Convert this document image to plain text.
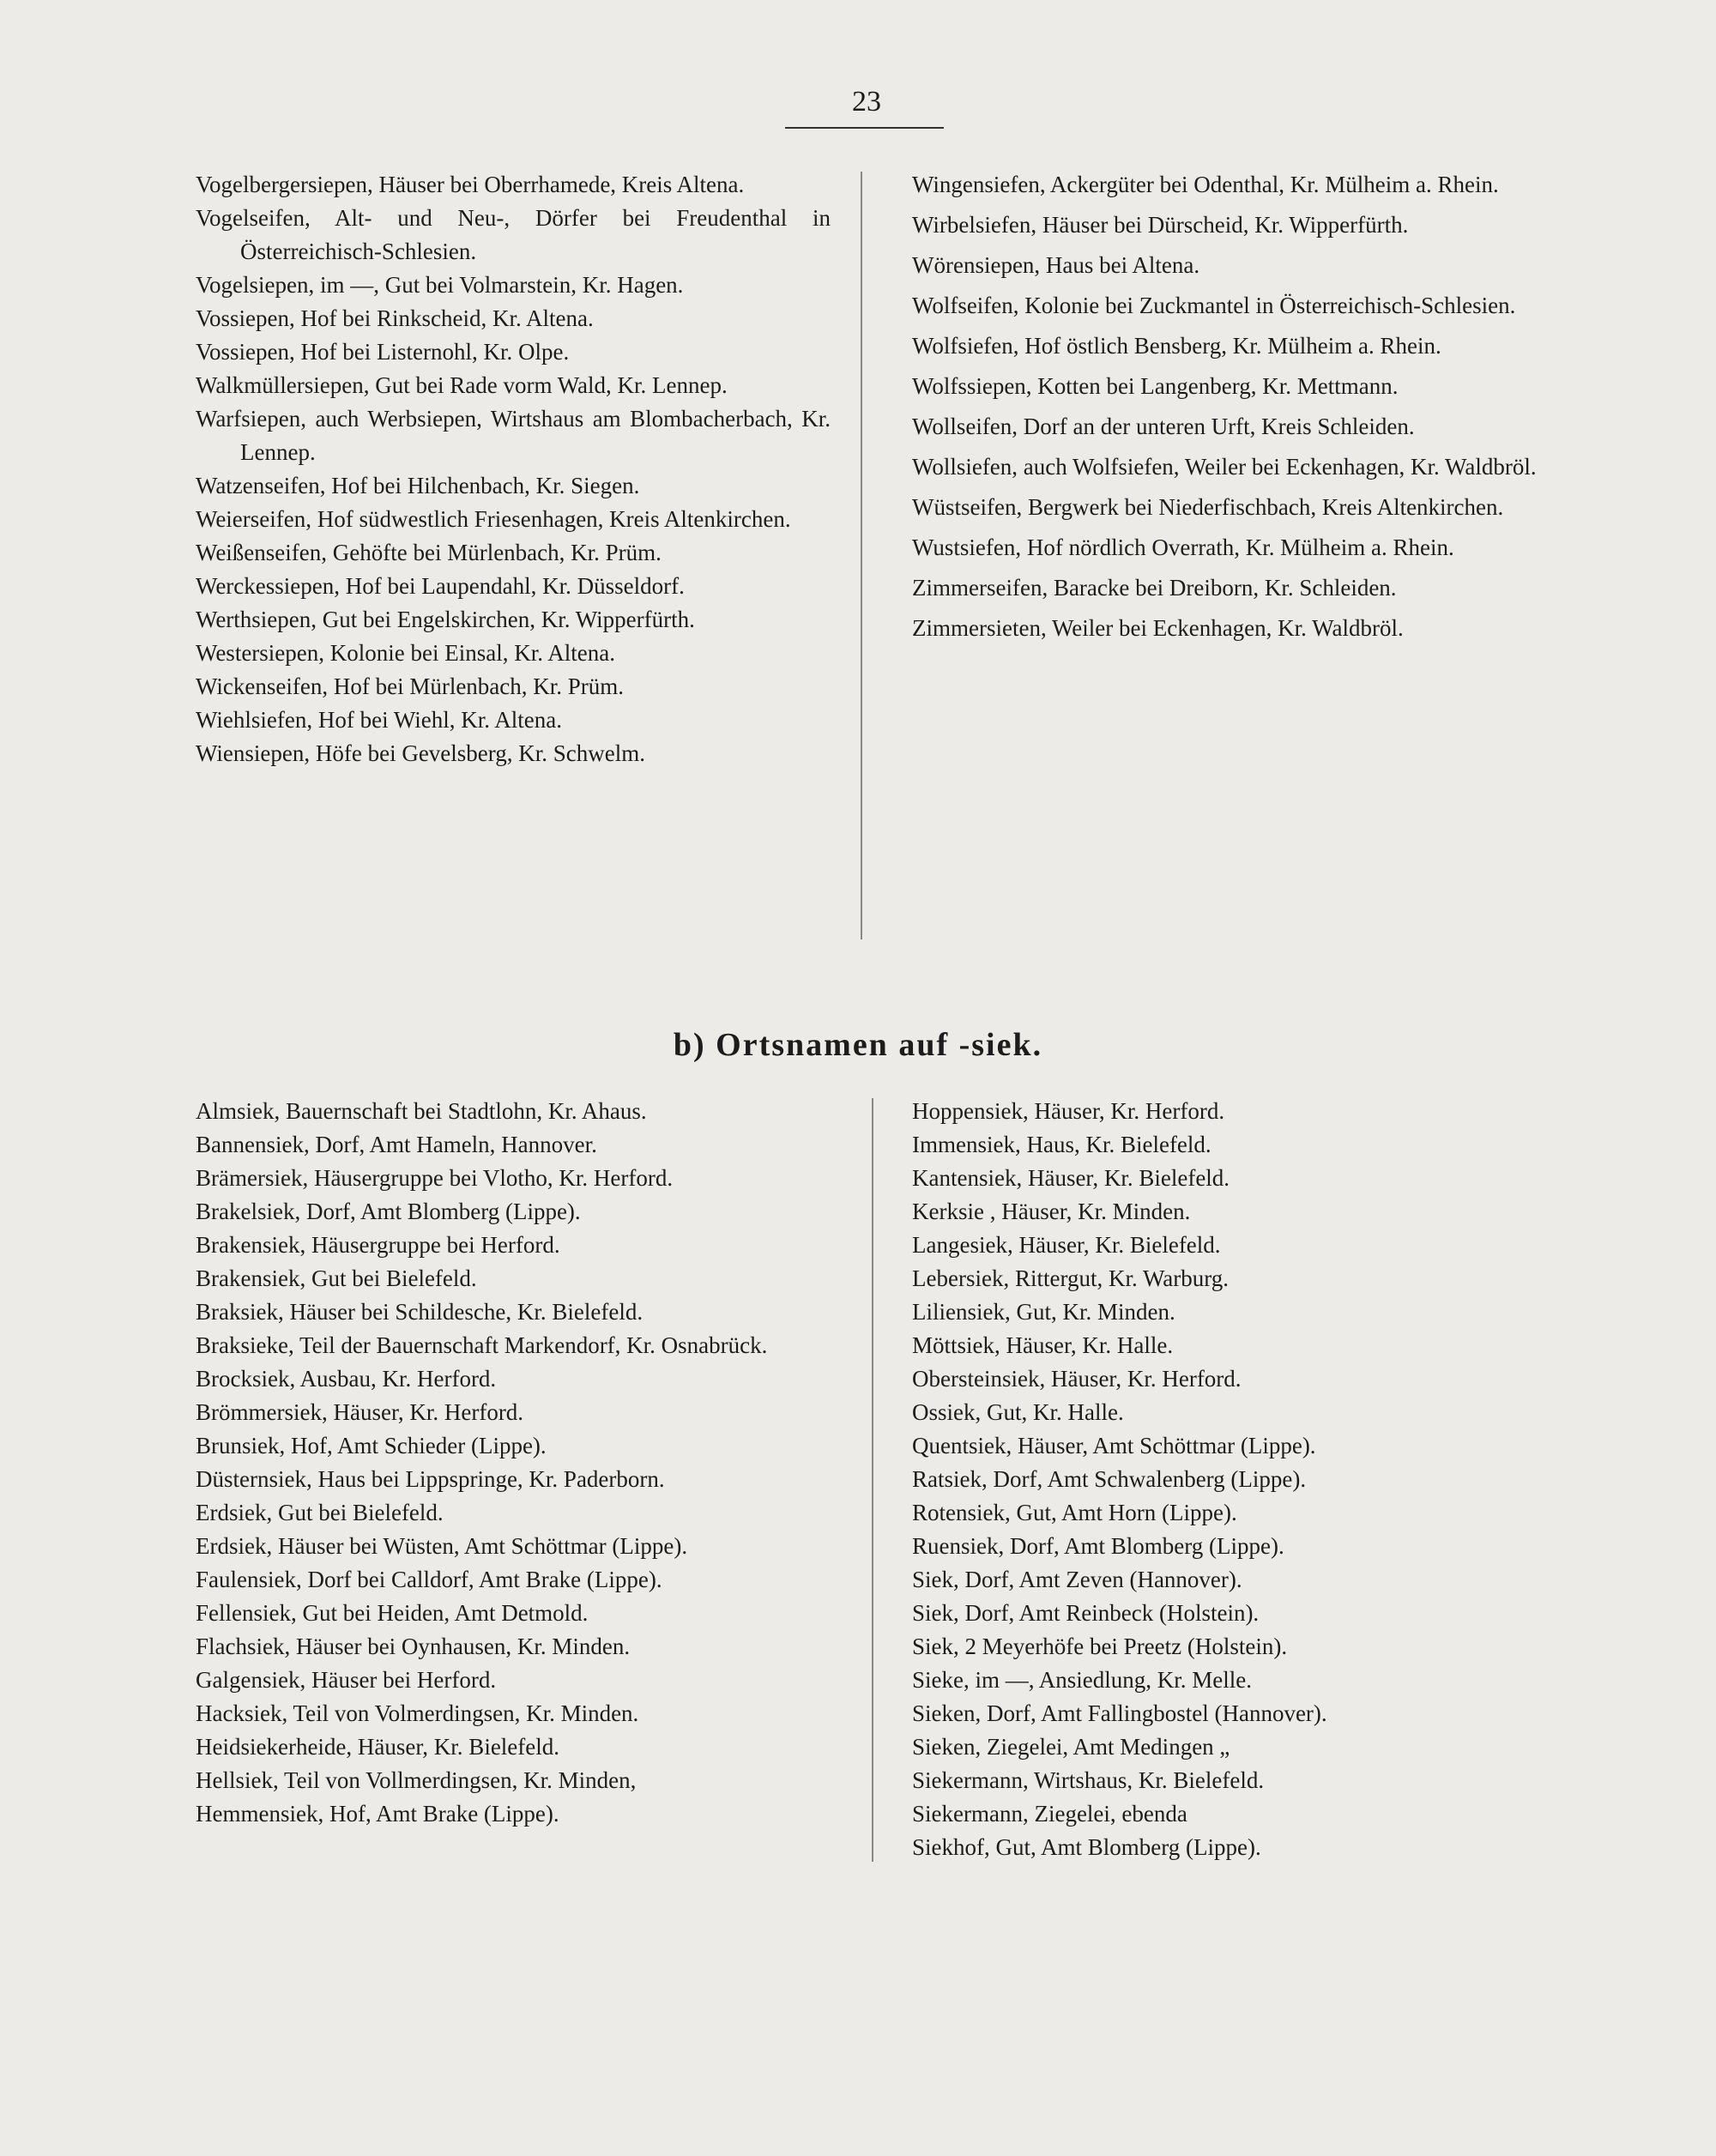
23

Vogelbergersiepen, Häuser bei Oberrhamede, Kreis Altena.

Vogelseifen, Alt- und Neu-, Dörfer bei Freudenthal in Österreichisch-Schlesien.

Vogelsiepen, im —, Gut bei Volmarstein, Kr. Hagen.

Vossiepen, Hof bei Rinkscheid, Kr. Altena.

Vossiepen, Hof bei Listernohl, Kr. Olpe.

Walkmüllersiepen, Gut bei Rade vorm Wald, Kr. Lennep.

Warfsiepen, auch Werbsiepen, Wirtshaus am Blombacherbach, Kr. Lennep.

Watzenseifen, Hof bei Hilchenbach, Kr. Siegen.

Weierseifen, Hof südwestlich Friesenhagen, Kreis Altenkirchen.

Weißenseifen, Gehöfte bei Mürlenbach, Kr. Prüm.

Werckessiepen, Hof bei Laupendahl, Kr. Düsseldorf.

Werthsiepen, Gut bei Engelskirchen, Kr. Wipperfürth.

Westersiepen, Kolonie bei Einsal, Kr. Altena.

Wickenseifen, Hof bei Mürlenbach, Kr. Prüm.

Wiehlsiefen, Hof bei Wiehl, Kr. Altena.

Wiensiepen, Höfe bei Gevelsberg, Kr. Schwelm.

Wingensiefen, Ackergüter bei Odenthal, Kr. Mülheim a. Rhein.

Wirbelsiefen, Häuser bei Dürscheid, Kr. Wipperfürth.

Wörensiepen, Haus bei Altena.

Wolfseifen, Kolonie bei Zuckmantel in Österreichisch-Schlesien.

Wolfsiefen, Hof östlich Bensberg, Kr. Mülheim a. Rhein.

Wolfssiepen, Kotten bei Langenberg, Kr. Mettmann.

Wollseifen, Dorf an der unteren Urft, Kreis Schleiden.

Wollsiefen, auch Wolfsiefen, Weiler bei Eckenhagen, Kr. Waldbröl.

Wüstseifen, Bergwerk bei Niederfischbach, Kreis Altenkirchen.

Wustsiefen, Hof nördlich Overrath, Kr. Mülheim a. Rhein.

Zimmerseifen, Baracke bei Dreiborn, Kr. Schleiden.

Zimmersieten, Weiler bei Eckenhagen, Kr. Waldbröl.

b) Ortsnamen auf -siek.

Almsiek, Bauernschaft bei Stadtlohn, Kr. Ahaus.

Bannensiek, Dorf, Amt Hameln, Hannover.

Brämersiek, Häusergruppe bei Vlotho, Kr. Herford.

Brakelsiek, Dorf, Amt Blomberg (Lippe).

Brakensiek, Häusergruppe bei Herford.

Brakensiek, Gut bei Bielefeld.

Braksiek, Häuser bei Schildesche, Kr. Bielefeld.

Braksieke, Teil der Bauernschaft Markendorf, Kr. Osnabrück.

Brocksiek, Ausbau, Kr. Herford.

Brömmersiek, Häuser, Kr. Herford.

Brunsiek, Hof, Amt Schieder (Lippe).

Düsternsiek, Haus bei Lippspringe, Kr. Paderborn.

Erdsiek, Gut bei Bielefeld.

Erdsiek, Häuser bei Wüsten, Amt Schöttmar (Lippe).

Faulensiek, Dorf bei Calldorf, Amt Brake (Lippe).

Fellensiek, Gut bei Heiden, Amt Detmold.

Flachsiek, Häuser bei Oynhausen, Kr. Minden.

Galgensiek, Häuser bei Herford.

Hacksiek, Teil von Volmerdingsen, Kr. Minden.

Heidsiekerheide, Häuser, Kr. Bielefeld.

Hellsiek, Teil von Vollmerdingsen, Kr. Minden,

Hemmensiek, Hof, Amt Brake (Lippe).

Hoppensiek, Häuser, Kr. Herford.

Immensiek, Haus, Kr. Bielefeld.

Kantensiek, Häuser, Kr. Bielefeld.

Kerksie , Häuser, Kr. Minden.

Langesiek, Häuser, Kr. Bielefeld.

Lebersiek, Rittergut, Kr. Warburg.

Liliensiek, Gut, Kr. Minden.

Möttsiek, Häuser, Kr. Halle.

Obersteinsiek, Häuser, Kr. Herford.

Ossiek, Gut, Kr. Halle.

Quentsiek, Häuser, Amt Schöttmar (Lippe).

Ratsiek, Dorf, Amt Schwalenberg (Lippe).

Rotensiek, Gut, Amt Horn (Lippe).

Ruensiek, Dorf, Amt Blomberg (Lippe).

Siek, Dorf, Amt Zeven (Hannover).

Siek, Dorf, Amt Reinbeck (Holstein).

Siek, 2 Meyerhöfe bei Preetz (Holstein).

Sieke, im —, Ansiedlung, Kr. Melle.

Sieken, Dorf, Amt Fallingbostel (Hannover).

Sieken, Ziegelei, Amt Medingen „

Siekermann, Wirtshaus, Kr. Bielefeld.

Siekermann, Ziegelei, ebenda

Siekhof, Gut, Amt Blomberg (Lippe).
